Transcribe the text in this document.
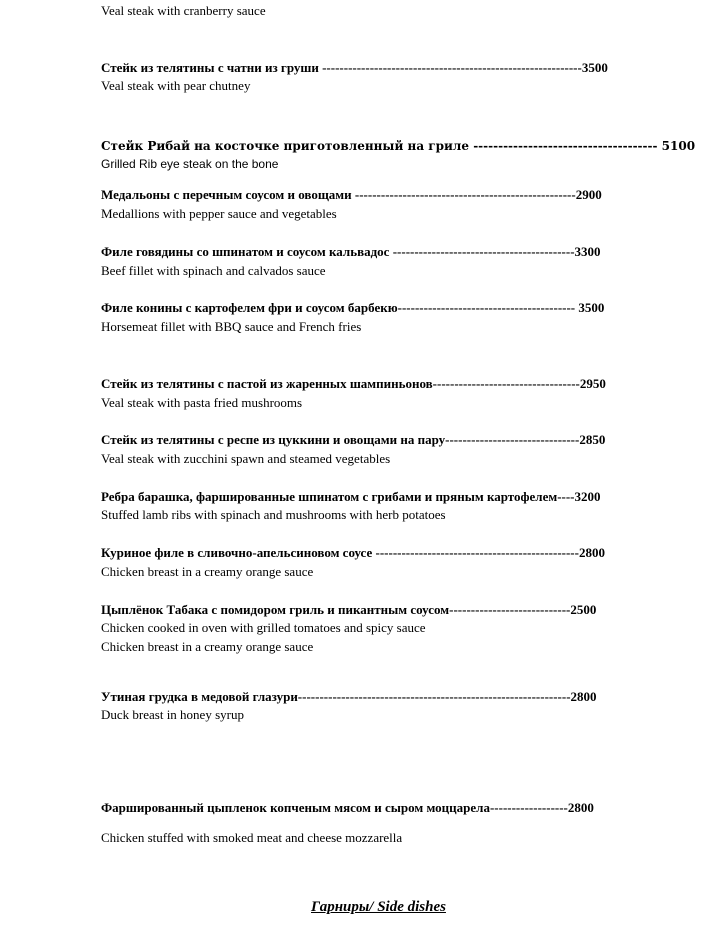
Veal steak with cranberry sauce
Стейк из телятины с чатни из груши ------------------------------------------------------------3500
Veal steak with pear chutney
Стейк Рибай на косточке приготовленный на гриле ------------------------------------- 5100
Grilled Rib eye steak on the bone
Медальоны с перечным соусом и овощами ---------------------------------------------------2900
Medallions with pepper sauce and vegetables
Филе говядины со шпинатом и соусом кальвадос ------------------------------------------3300
Beef fillet with spinach and calvados sauce
Филе конины с картофелем фри и соусом барбекю----------------------------------------- 3500
Horsemeat fillet with BBQ sauce and French fries
Стейк из телятины с пастой из жаренных шампиньонов----------------------------------2950
Veal steak with pasta fried mushrooms
Стейк из телятины с респе из цуккини и овощами на пару-------------------------------2850
Veal steak with zucchini spawn and steamed vegetables
Ребра барашка, фаршированные шпинатом с грибами и пряным картофелем----3200
Stuffed lamb ribs with spinach and mushrooms with herb potatoes
Куриное филе в сливочно-апельсиновом соусе -----------------------------------------------2800
Chicken breast in a creamy orange sauce
Цыплёнок Табака с помидором гриль и пикантным соусом----------------------------2500
Chicken cooked in oven with grilled tomatoes and spicy sauce
Chicken breast in a creamy orange sauce
Утиная грудка в медовой глазури---------------------------------------------------------------2800
Duck breast in honey syrup
Фаршированный цыпленок копченым мясом и сыром моццарела------------------2800
Chicken stuffed with smoked meat and cheese mozzarella
Гарниры/ Side dishes
